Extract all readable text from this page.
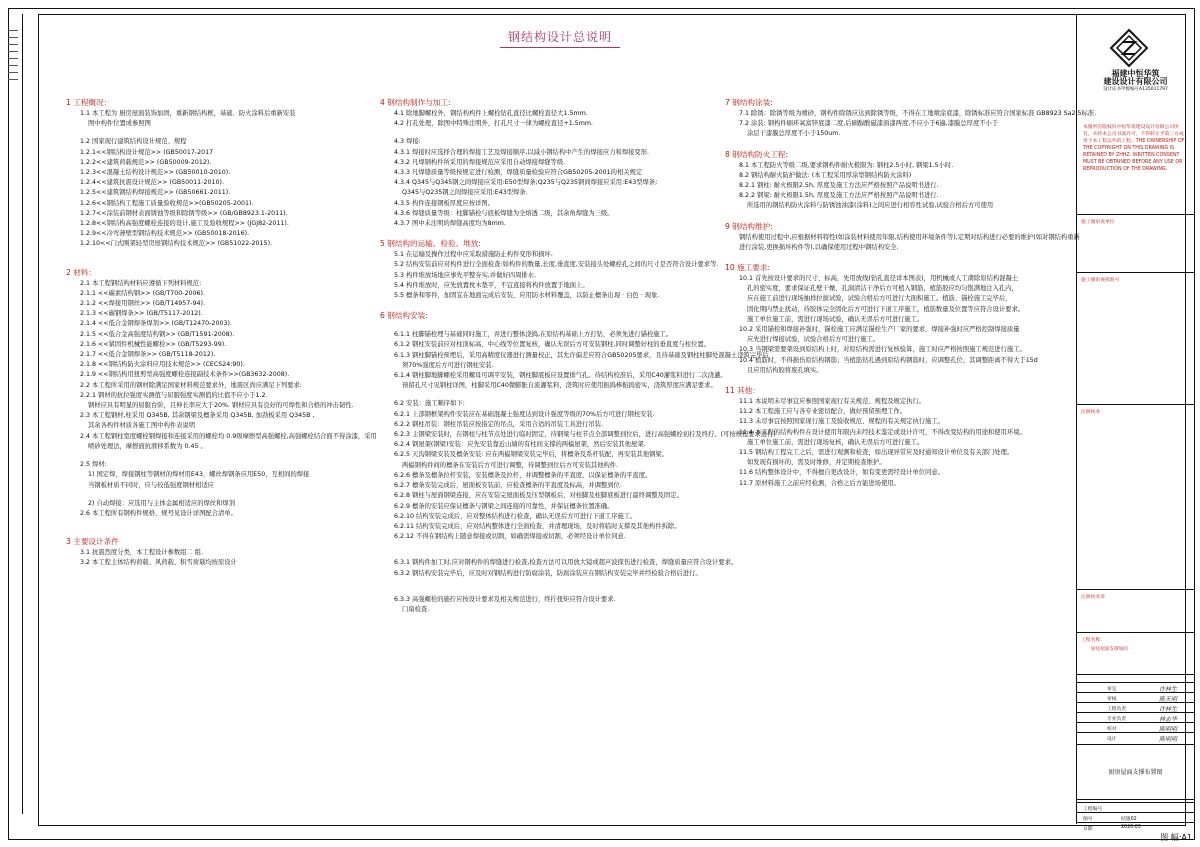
钢结构设计总说明
1 工程概况：
1.1 本工程为 厨房屋面装饰加固，重新钢结构框，基础、防火涂料后重新安装
图中构件位置或参照图
1.2 国家现行建筑结构设计规范、规程
1.2.1<<钢结构设计规范>> (GB50017-2017
1.2.2<<建筑荷载规范>> (GB50009-2012).
1.2.3<<混凝土结构设计规范>> (GB50010-2010).
1.2.4<<建筑抗震设计规范>> (GB50011-2010).
1.2.5<<建筑钢结构焊接规范>> (GB50661-2011).
1.2.6<<钢结构工程施工质量验收规范>>(GB50205-2001).
1.2.7<<涂装前钢材表面锈蚀等级和除锈等级>> (GB/GB8923.1-2011).
1.2.8<<钢结构高强度螺栓连接的设计,施工及验收规程>> (JGJ82-2011).
1.2.9<<冷弯薄壁型钢结构技术规范>> (GB50018-2016).
1.2.10<<门式刚架轻型房屋钢结构技术规范>> (GB51022-2015).
2 材料：
2.1 本工程钢结构材料应遵循下列材料规范:
2.1.1 <<碳素结构钢>> (GB/T700-2006).
2.1.2 <<焊接用钢丝>> (GB/T14957-94).
2.1.3 <<碳钢焊条>> (GB/T5117-2012).
2.1.4 <<低合金钢焊条焊剂>> (GB/T12470-2003).
2.1.5 <<低合金高强度结构钢>> (GB/T1591-2008).
2.1.6 <<紧固件机械性能螺栓>> (GB/T5293-99).
2.1.7 <<低合金钢焊条>> (GB/T5118-2012).
2.1.8 <<钢结构防火涂料应用技术规范>> (CECS24:90).
2.1.9 <<钢结构用扭剪型高强度螺栓连接副技术条件>>(GB3632-2008).
2.2 本工程所采用的钢材除满足国家材料规范要求外，地震区尚应满足下列要求:
2.2.1 钢材的抗拉强度实测值与屈服强度实测值的比值不应小于1.2.
钢材应具有明显的屈服台阶，且伸长率应大于20%. 钢材应具有良好的可焊性和合格的冲击韧性.
2.3 本工程钢材,柱采用 Q345B, 其余钢梁及檩条采用 Q345B, 加劲板采用 Q345B ,
其余各构件材质各施工图中构件表说明
2.4 本工程钢柱宽度螺栓钢焊接和连接采用的螺栓均 0.9级摩擦型高强螺栓,高强螺栓结合面不得涂漆，采用
喷砂处理法，摩擦面抗滑移系数为 0.45 。
2.5 焊材:
1) 国定焊，焊接钢柱等钢材的焊材用E43，螺丝焊钢条应用E50，互相间的焊接
当钢板材质不同时，应与较低强度钢材相适应
2) 自动焊接：应选用与主体金属相适应的焊丝和焊剂
2.6 本工程所有钢构件规格、规号见设计详图配合清单。
3 主要设计条件
3.1 抗震烈度分类，本工程设计参数组二 组.
3.2 本工程主体结构荷载、风荷载、积雪荷载均按原设计
4 钢结构制作与加工:
4.1 除地脚螺栓外，钢结构构件上螺栓钻孔直径比螺栓直径大1.5mm.
4.2 打孔处理，除图中特殊注明外，打孔尺寸一律为螺栓直径+1.5mm.
4.3 焊接:
4.3.1 焊接时应选择合理的焊接工艺及焊接顺序,以减小钢结构中产生的焊接应力和焊接变形.
4.3.2 凡焊钢构件所采用的焊接规范应采用自动焊接焊缝等级.
4.3.3 凡焊缝质量等级按规定进行检测，焊缝质量检验应符合GB50205-2001的相关规定
4.3.4 Q345与Q345钢之间焊接应采用:E50型焊条;Q235与Q235钢间焊接应采用:E43型焊条;
Q345与Q235钢之间焊接应采用:E43型焊条.
4.3.5 构件连接钢板厚度应按详图。
4.3.6 焊缝质量等级：柱脚锚栓与底板焊缝为全熔透二级，其余角焊缝为三级。
4.3.7 图中未注明的焊缝高度均为8mm.
5 钢结构的运输、检验、堆放:
5.1 在运输及操作过程中应采取措施防止构件变形和损坏.
5.2 结构安装前应对构件进行全面检查:如构件的数量,长度,垂直度,安装接头处螺栓孔之间的尺寸是否符合设计要求等.
5.3 构件堆放场地应事先平整夯实,并做好四周排水.
5.4 构件堆放时，应先放置枕木垫平，不宜直接将构件放置于地面上。
5.5 檩条和零件，加固宜在地面完成后安装，应用防水材料覆盖，以防止檩条出现 · 白色 · 现象.
6 钢结构安装:
6.1.1 柱脚锚栓埋与基础同时施工，并进行整体浇捣,在原结构基础上方打钻，必须先进行锚栓施工。
6.1.2 钢柱安装前应对柱顶标高、中心线等位置复核，确认无误后方可安装钢柱,同时调整好柱的垂直度与柱位置。
6.1.3 钢柱脚锚栓预埋后，采用高精度仪器进行测量校正，其允许偏差应符合GB50205要求，且待基础及钢柱柱脚处混凝土浇筑完毕后
须70%强度后方可进行钢柱安装.
6.1.4 钢柱脚地脚螺栓采用螺母可调平安装，钢柱脚底板应设置排气孔。待结构校准后，采用C40灌浆料进行二次浇灌。
预留孔尺寸见钢柱详图，柱脚采用C40微膨胀自流灌浆料，浇筑时应使用振捣棒振捣密实，浇筑厚度应满足要求。
6.2 安装：施工顺序如下:
6.2.1 上部钢框架构件安装应在基础混凝土强度达到设计强度等级的70%后方可进行钢柱安装.
6.2.2 钢柱吊装：钢柱吊装应按指定的吊点，采用合适的吊装工具进行吊装.
6.2.3 主钢梁安装时，在钢柱与柱节点处进行临时固定，待钢梁与柱节点全部调整到位后，进行高强螺栓初拧及终拧。(可按规程要求进行)
6.2.4 钢屋架(钢梁)安装：应先安装靠近山墙的有柱间支撑的两榀屋架，然后安装其他屋架.
6.2.5 天沟钢梁安装及檩条安装: 应在两榀钢梁安装完毕后，将檩条及系杆装配，再安装其他钢梁。
两榀钢构件间的檩条在安装后方可进行调整，待调整到位后方可安装其他构件.
6.2.6 檩条及檩条拉杆安装，安装檩条及拉杆，并调整檩条的平直度，以保证檩条的平直度。
6.2.7 檩条安装完成后，屋面板安装前，应检查檩条的平直度及标高，并调整到位.
6.2.8 钢柱与屋面钢梁连接，应在安装完屋面板及压型钢板后，对柱脚及柱脚底板进行最终调整及固定。
6.2.9 檩条的安装应保证檩条与钢梁之间连接的可靠性，并保证檩条位置准确。
6.2.10 结构安装完成后，应对整体结构进行检查，确认无误后方可进行下道工序施工。
6.2.11 结构安装完成后，应对结构整体进行全面检查，并清理现场，及时将临时支撑及其他构件拆除。
6.2.12 不得在钢结构上随意焊接或切割，如确需焊接或切割，必须经设计单位同意.
6.3.1 钢构件加工时,应对钢构件的焊缝进行检查,检查方法可以用放大镜或超声波探伤进行检查，焊缝质量应符合设计要求。
6.3.2 钢结构安装完毕后，应及时对钢结构进行防腐涂装，防腐涂装应在钢结构安装完毕并经检验合格后进行。
6.3.3 高强螺栓的施拧应按设计要求及相关规范进行，终拧扭矩应符合设计要求.
门扇检查.
7 钢结构涂装:
7.1 除锈：除锈等级为喷砂，钢构件除锈应达到除锈等级，不得在工地喷涂底漆，除锈标准应符合国家标准 GB8923 Sa2.5标准.
7.2 涂装: 钢构件刷环氧富锌底漆二度,后刷醇酸磁漆面漆两度,不应小于6遍,漆膜总厚度不小于
涂层干漆膜总厚度不小于150um.
8 钢结构防火工程:
8.1 本工程防火等级二级,要求钢构件耐火极限为: 钢柱2.5小时, 钢梁1.5小时.
8.2 钢结构耐火防护做法: (本工程采用厚涂型钢结构防火涂料)
8.2.1 钢柱: 耐火极限2.5h, 厚度及施工方法应严格按照产品说明书进行.
8.2.2 钢梁: 耐火极限1.5h, 厚度及施工方法应严格按照产品说明书进行.
所选用的钢结构防火涂料与防锈蚀油漆(涂料)之间应进行相容性试验,试验合格后方可使用
9 钢结构维护:
钢结构使用过程中,应根据材料特性(如涂装材料使用年限,结构使用环境条件等),定期对结构进行必要的维护(如对钢结构重新
进行涂装,更换损坏构件等),以确保使用过程中钢结构安全.
10 施工要求:
10.1 首先按设计要求的尺寸、标高，先用放线(钻孔直径详本图表)，用机械或人工凿除原结构混凝土
孔的密实度，要求保证孔壁干燥，孔洞清洁干净后方可植入钢筋，植筋胶应均匀饱满地注入孔内，
应在施工前进行现场抽样拉拔试验，试验合格后方可进行大面积施工。植筋、锚栓施工完毕后，
固化期内禁止扰动，待胶体完全固化后方可进行下道工序施工，植筋数量及位置等应符合设计要求。
施工单位施工前，需进行现场试验，确认无误后方可进行施工。
10.2 采用锚栓和焊接补强时，锚栓施工应满足锚栓生产厂家的要求，焊接补强时应严格控制焊接质量
应先进行焊接试验，试验合格后方可进行施工。
10.3 当钢梁需要架设到原结构上时，对原结构需进行复核验算，施工时应严格按照施工规范进行施工。
10.4 植筋时，不得损伤原结构钢筋；当植筋钻孔遇到原结构钢筋时，应调整孔位，其调整距离不得大于15d
且应用结构胶将废孔填实。
11 其他：
11.1 本说明未尽事宜应参照国家现行有关规范、规程及规定执行。
11.2 本工程施工应与各专业密切配合，做好预留预埋工作。
11.3 未尽事宜按照国家现行施工及验收规范、规程的有关规定执行施工。
11.4 本工程的结构构件在设计使用年限内未经技术鉴定或设计许可，不得改变结构的用途和使用环境。
施工单位施工前，需进行现场复核，确认无误后方可进行施工。
11.5 钢结构工程完工之后，需进行观测和检查，如出现异常应及时通知设计单位及有关部门处理。
如发现有损坏的，需及时维修，并定期检查维护。
11.6 结构整体设计中，不得擅自更改设计，如有变更需经设计单位同意。
11.7 原材料施工之前应经检测，合格之后方能进场使用。
福建中恒华筑
建设设计有限公司
设计证书甲级编号A135011797
本图所有版权归中恒华筑建设设计有限公司所有，未经本公司书面许可，不得转让予第三方或用于本工程以外的工程。THE OWNERSHIP OF THE COPYRIGHT ON THIS DRAWING IS RETAINED BY ZHHZ. WRITTEN CONSENT MUST BE OBTAINED BEFORE ANY USE OR REPRODUCTION OF THE DRAWING.
施工图审查单位
施工图审查批准号
注册执业
注册执业章
工程名称：
厨房屋面支撑加固
审定	许林生
审核	陈天明
工程负责	许林生
专业负责	林志华
校对	陈明明
设计	陈明明
厨房屋面支撑布置图
工程编号
图号	结施02
日期	2020.03
图 幅:A1
